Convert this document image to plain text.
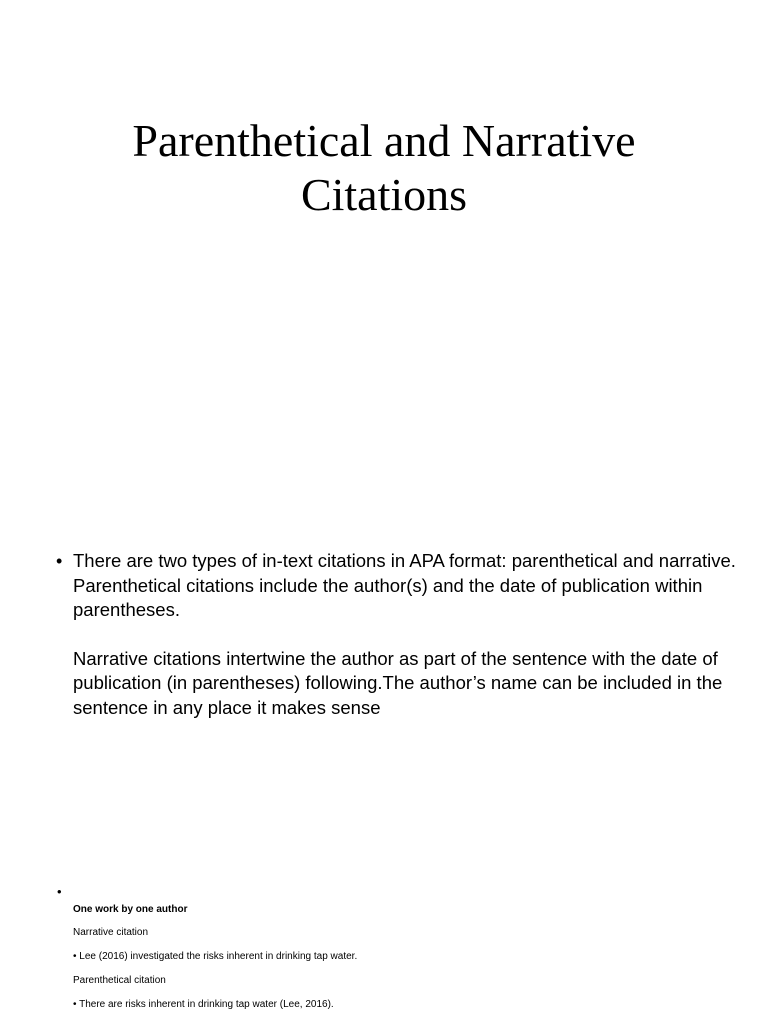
Parenthetical and Narrative
Citations
• There are two types of in-text citations in APA format: parenthetical and narrative. Parenthetical citations include the author(s) and the date of publication within parentheses.

Narrative citations intertwine the author as part of the sentence with the date of publication (in parentheses) following.The author’s name can be included in the sentence in any place it makes sense

•
One work by one author
Narrative citation
• Lee (2016) investigated the risks inherent in drinking tap water.
Parenthetical citation
• There are risks inherent in drinking tap water (Lee, 2016).
